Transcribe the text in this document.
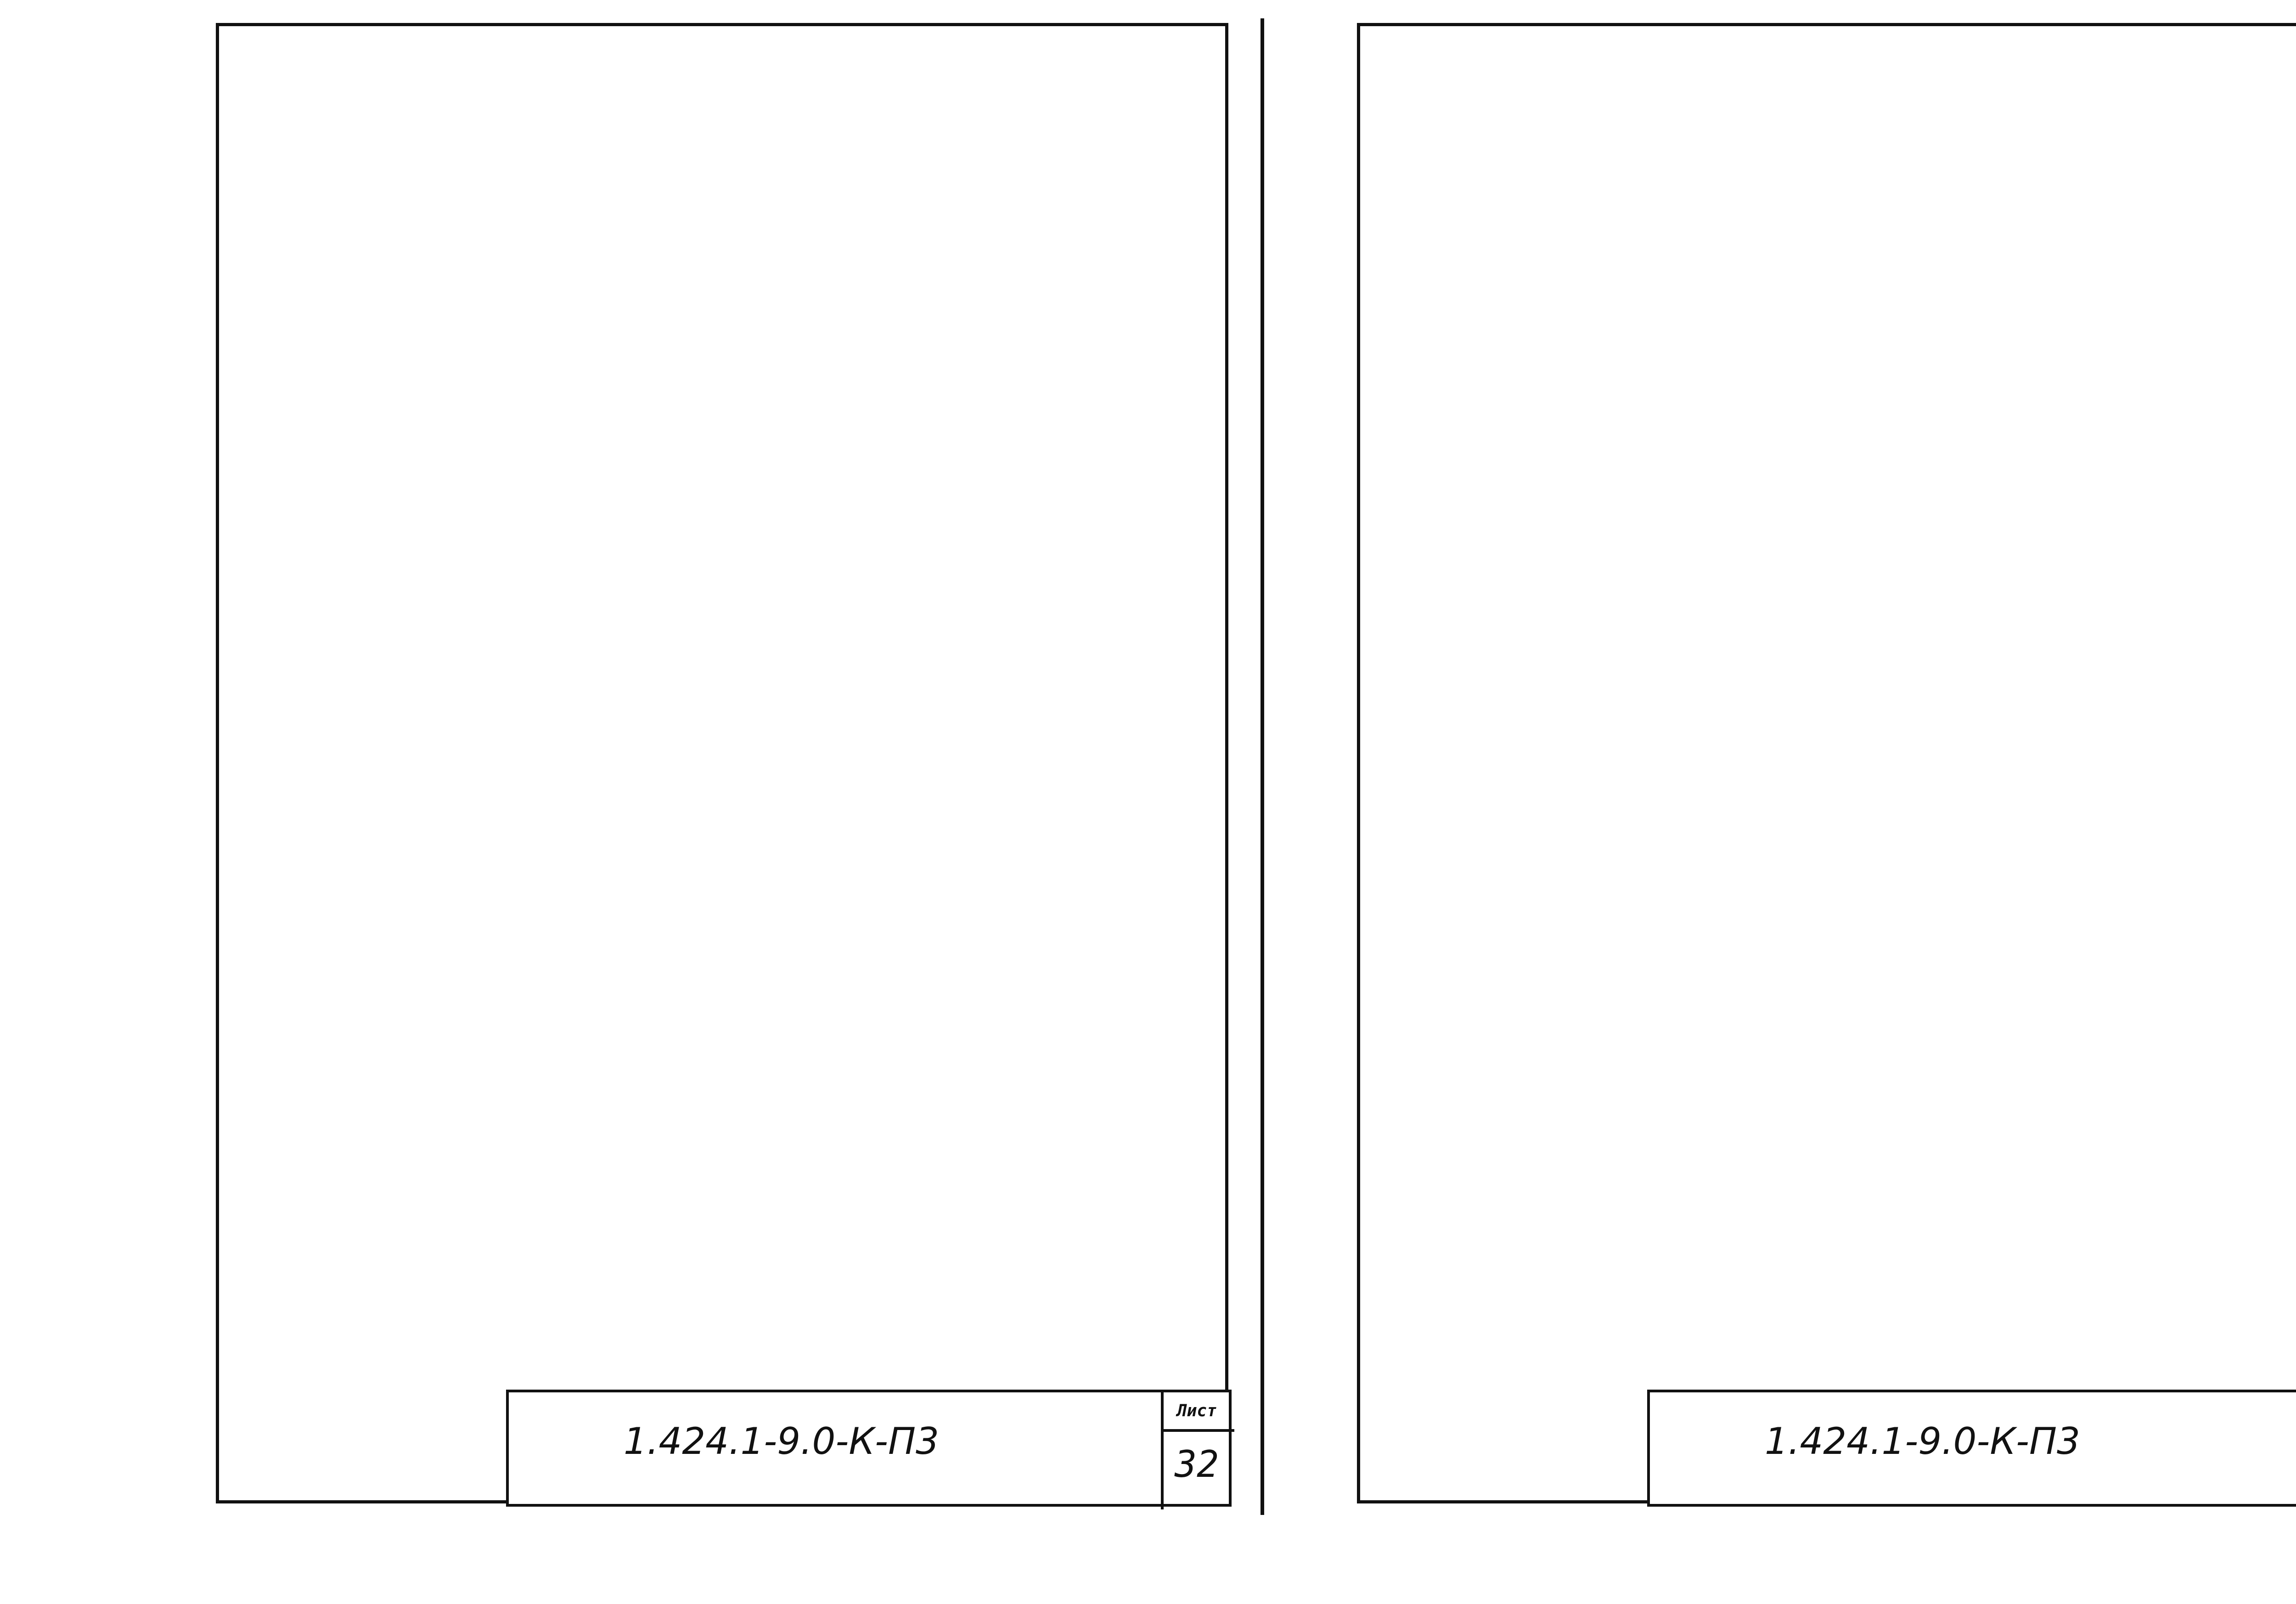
1.424.1-9.0-К-П3
Лист
32
1.424.1-9.0-К-П3
